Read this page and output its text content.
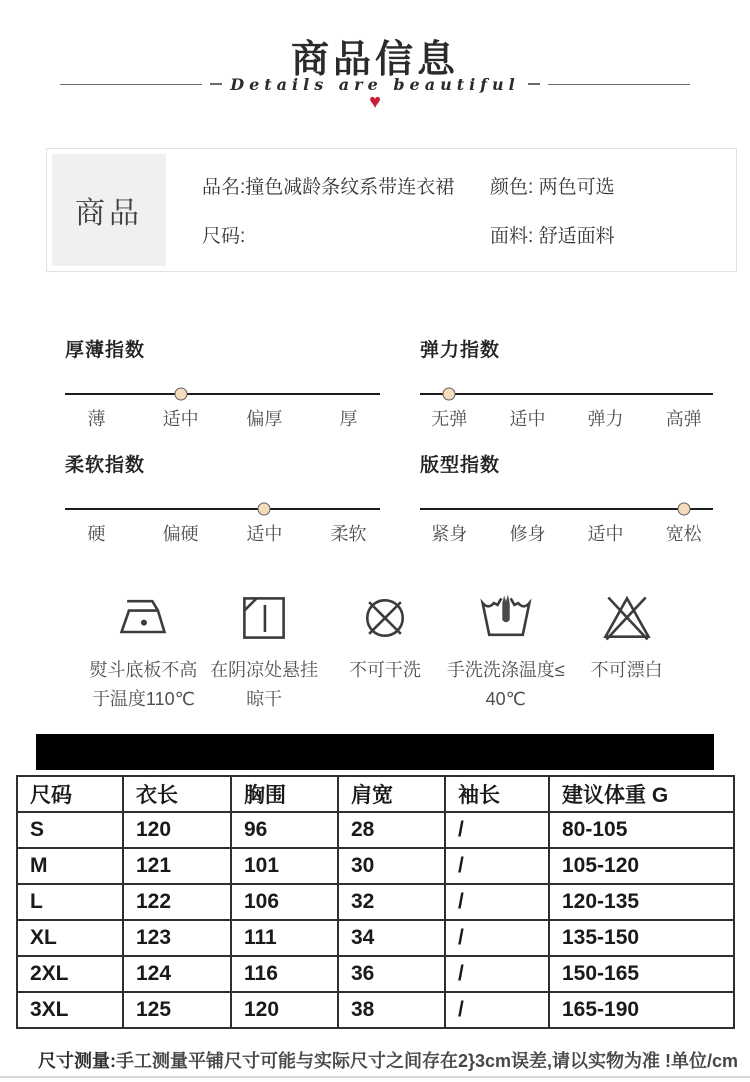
商品信息
Details are beautiful
♥
商品
品名:撞色减龄条纹系带连衣裙 颜色: 两色可选
尺码:	面料: 舒适面料
厚薄指数
薄	适中	偏厚	厚
弹力指数
无弹 适中 弹力 高弹
柔软指数
硬	偏硬	适中	柔软
版型指数
紧身 修身 适中 宽松
熨斗底板不高于温度110℃
在阴凉处悬挂晾干
不可干洗 手洗洗涤温度≤40℃
不可漂白
尺码	衣长	胸围	肩宽	袖长	建议体重 G
S	120	96	28	/	80-105
M	121	101	30	/	105-120
L	122	106	32	/	120-135
XL	123	111	34	/	135-150
2XL	124	116	36	/	150-165
3XL	125	120	38	/	165-190
尺寸测量:手工测量平铺尺寸可能与实际尺寸之间存在2}3cm误差,请以实物为准 !单位/cm
